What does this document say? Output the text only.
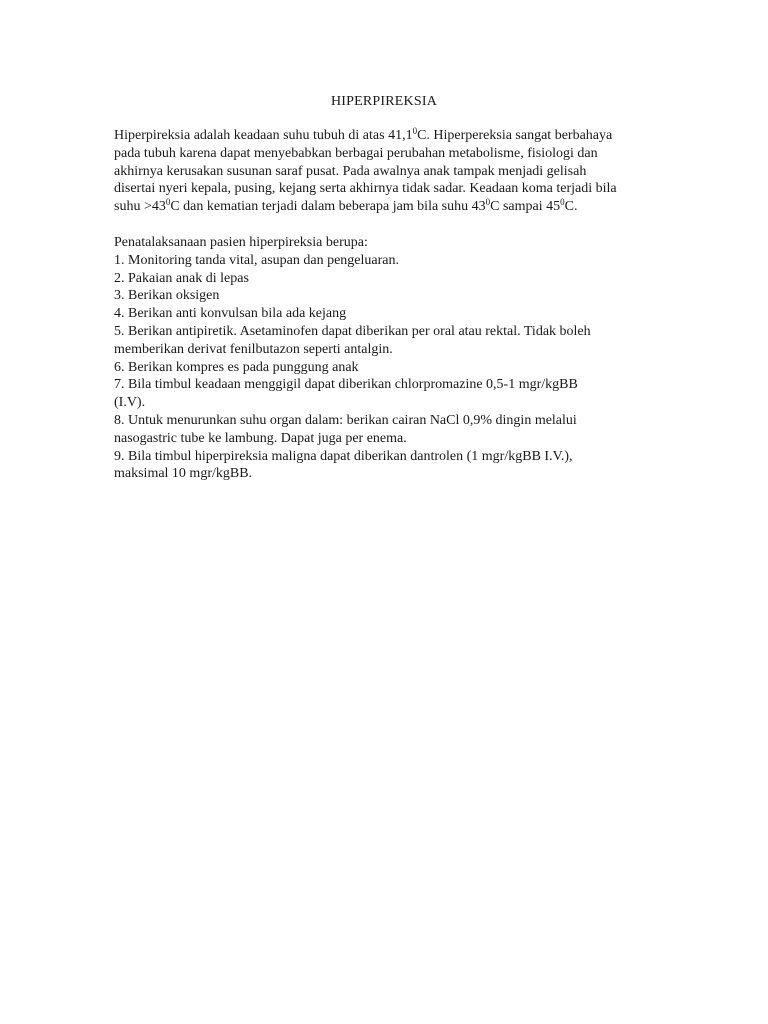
HIPERPIREKSIA
Hiperpireksia adalah keadaan suhu tubuh di atas 41,1$^0$C. Hiperpereksia sangat berbahaya
pada tubuh karena dapat menyebabkan berbagai perubahan metabolisme, fisiologi dan
akhirnya kerusakan susunan saraf pusat. Pada awalnya anak tampak menjadi gelisah
disertai nyeri kepala, pusing, kejang serta akhirnya tidak sadar. Keadaan koma terjadi bila
suhu $>43^0C$ dan kematian terjadi dalam beberapa jam bila suhu $43^0C$ sampai $45^0C$.
Penatalaksanaan pasien hiperpireksia berupa:
1. Monitoring tanda vital, asupan dan pengeluaran.
2. Pakaian anak di lepas
3. Berikan oksigen
4. Berikan anti konvulsan bila ada kejang
5. Berikan antipiretik. Asetaminofen dapat diberikan per oral atau rektal. Tidak boleh
memberikan derivat fenilbutazon seperti antalgin.
6. Berikan kompres es pada punggung anak
7. Bila timbul keadaan menggigil dapat diberikan chlorpromazine 0,5-1 mgr/kgBB
(I.V).
8. Untuk menurunkan suhu organ dalam: berikan cairan NaCl 0,9% dingin melalui
nasogastric tube ke lambung. Dapat juga per enema.
9. Bila timbul hiperpireksia maligna dapat diberikan dantrolen (1 mgr/kgBB I.V.),
maksimal 10 mgr/kgBB.
